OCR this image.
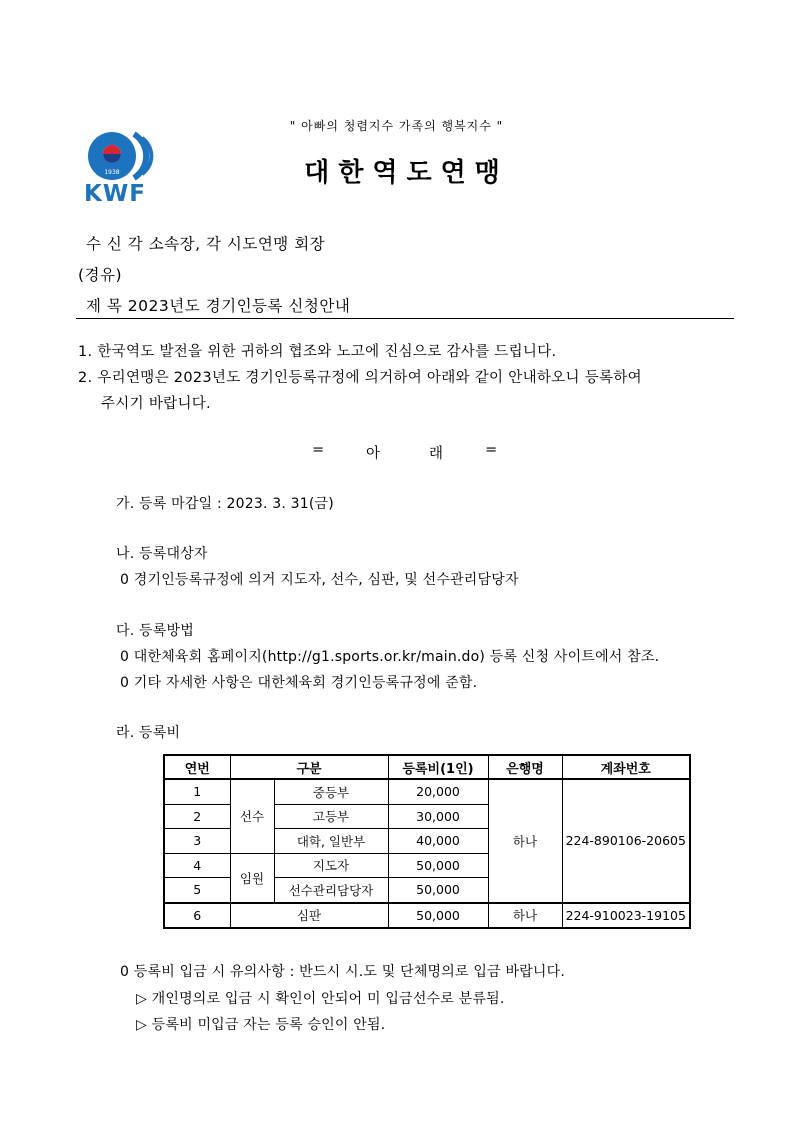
" 아빠의 청렴지수 가족의 행복지수 "
1938
KWF
대한역도연맹
수 신 각 소속장, 각 시도연맹 회장
(경유)
제 목 2023년도 경기인등록 신청안내
1. 한국역도 발전을 위한 귀하의 협조와 노고에 진심으로 감사를 드립니다.
2. 우리연맹은 2023년도 경기인등록규정에 의거하여 아래와 같이 안내하오니 등록하여
주시기 바랍니다.
=	아	래	=
가. 등록 마감일 : 2023. 3. 31(금)
나. 등록대상자
0 경기인등록규정에 의거 지도자, 선수, 심판, 및 선수관리담당자
다. 등록방법
0 대한체육회 홈페이지(http://g1.sports.or.kr/main.do) 등록 신청 사이트에서 참조.
0 기타 자세한 사항은 대한체육회 경기인등록규정에 준함.
라. 등록비
연번	구분		등록비(1인)	은행명	계좌번호
1	선수	중등부	20,000	하나	224-890106-20605
2		고등부	30,000		
3		대학, 일반부	40,000		
4	임원	지도자	50,000		
5		선수관리담당자	50,000		
6	심판		50,000	하나	224-910023-19105
0 등록비 입금 시 유의사항 : 반드시 시.도 및 단체명의로 입금 바랍니다.
▷ 개인명의로 입금 시 확인이 안되어 미 입금선수로 분류됨.
▷ 등록비 미입금 자는 등록 승인이 안됨.
